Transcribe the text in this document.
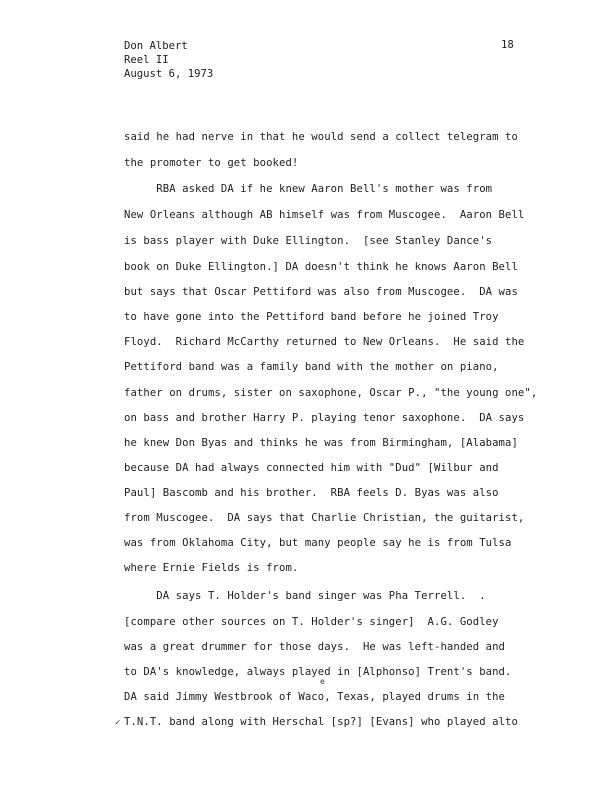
Don Albert
Reel II
August 6, 1973
18
said he had nerve in that he would send a collect telegram to
the promoter to get booked!
RBA asked DA if he knew Aaron Bell's mother was from
New Orleans although AB himself was from Muscogee.  Aaron Bell
is bass player with Duke Ellington.  [see Stanley Dance's
book on Duke Ellington.] DA doesn't think he knows Aaron Bell
but says that Oscar Pettiford was also from Muscogee.  DA was
to have gone into the Pettiford band before he joined Troy
Floyd.  Richard McCarthy returned to New Orleans.  He said the
Pettiford band was a family band with the mother on piano,
father on drums, sister on saxophone, Oscar P., "the young one",
on bass and brother Harry P. playing tenor saxophone.  DA says
he knew Don Byas and thinks he was from Birmingham, [Alabama]
because DA had always connected him with "Dud" [Wilbur and
Paul] Bascomb and his brother.  RBA feels D. Byas was also
from Muscogee.  DA says that Charlie Christian, the guitarist,
was from Oklahoma City, but many people say he is from Tulsa
where Ernie Fields is from.
DA says T. Holder's band singer was Pha Terrell.  .
[compare other sources on T. Holder's singer]  A.G. Godley
was a great drummer for those days.  He was left-handed and
to DA's knowledge, always played in [Alphonso] Trent's band.
DA said Jimmy Westbrook of Waco, Texas, played drums in the
T.N.T. band along with Herschal [sp?] [Evans] who played alto
e
✓
